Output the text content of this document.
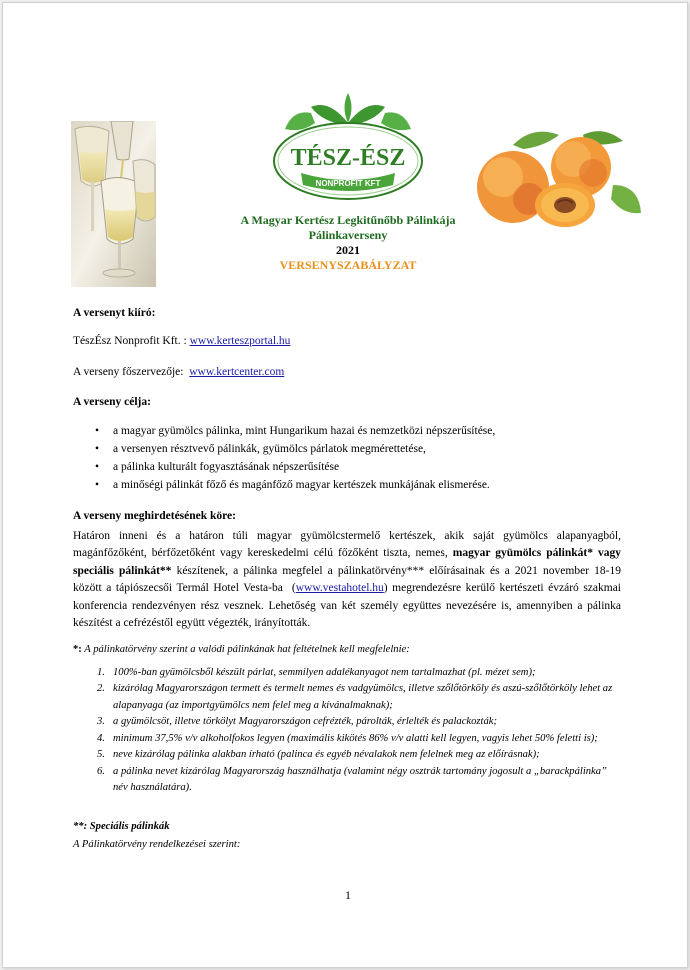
TÉSZ-ÉSZ
NONPROFIT KFT
A Magyar Kertész Legkitűnőbb Pálinkája
Pálinkaverseny
2021
VERSENYSZABÁLYZAT

A versenyt kiíró:

TészÉsz Nonprofit Kft. : www.kerteszportal.hu

A verseny főszervezője:  www.kertcenter.com

A verseny célja:

• a magyar gyümölcs pálinka, mint Hungarikum hazai és nemzetközi népszerűsítése,
• a versenyen résztvevő pálinkák, gyümölcs párlatok megmérettetése,
• a pálinka kulturált fogyasztásának népszerűsítése
• a minőségi pálinkát főző és magánfőző magyar kertészek munkájának elismerése.

A verseny meghirdetésének köre:

Határon inneni és a határon túli magyar gyümölcstermelő kertészek, akik saját gyümölcs alapanyagból, magánfőzőként, bérfőzetőként vagy kereskedelmi célú főzőként tiszta, nemes, magyar gyümölcs pálinkát* vagy speciális pálinkát** készítenek, a pálinka megfelel a pálinkatörvény*** előírásainak és a 2021 november 18-19 között a tápiószecsői Termál Hotel Vesta-ba  (www.vestahotel.hu) megrendezésre kerülő kertészeti évzáró szakmai konferencia rendezvényen rész vesznek. Lehetőség van két személy együttes nevezésére is, amennyiben a pálinka készítést a cefrézéstől együtt végezték, irányították.

*: A pálinkatörvény szerint a valódi pálinkának hat feltételnek kell megfelelnie:

1. 100%-ban gyümölcsből készült párlat, semmilyen adalékanyagot nem tartalmazhat (pl. mézet sem);
2. kizárólag Magyarországon termett és termelt nemes és vadgyümölcs, illetve szőlőtörköly és aszú-szőlőtörköly lehet az alapanyaga (az importgyümölcs nem felel meg a kívánalmaknak);
3. a gyümölcsöt, illetve törkölyt Magyarországon cefrézték, párolták, érlelték és palackozták;
4. minimum 37,5% v/v alkoholfokos legyen (maximális kikötés 86% v/v alatti kell legyen, vagyis lehet 50% feletti is);
5. neve kizárólag pálinka alakban írható (palinca és egyéb névalakok nem felelnek meg az előírásnak);
6. a pálinka nevet kizárólag Magyarország használhatja (valamint négy osztrák tartomány jogosult a „barackpálinka” név használatára).

**: Speciális pálinkák

A Pálinkatörvény rendelkezései szerint:

1
